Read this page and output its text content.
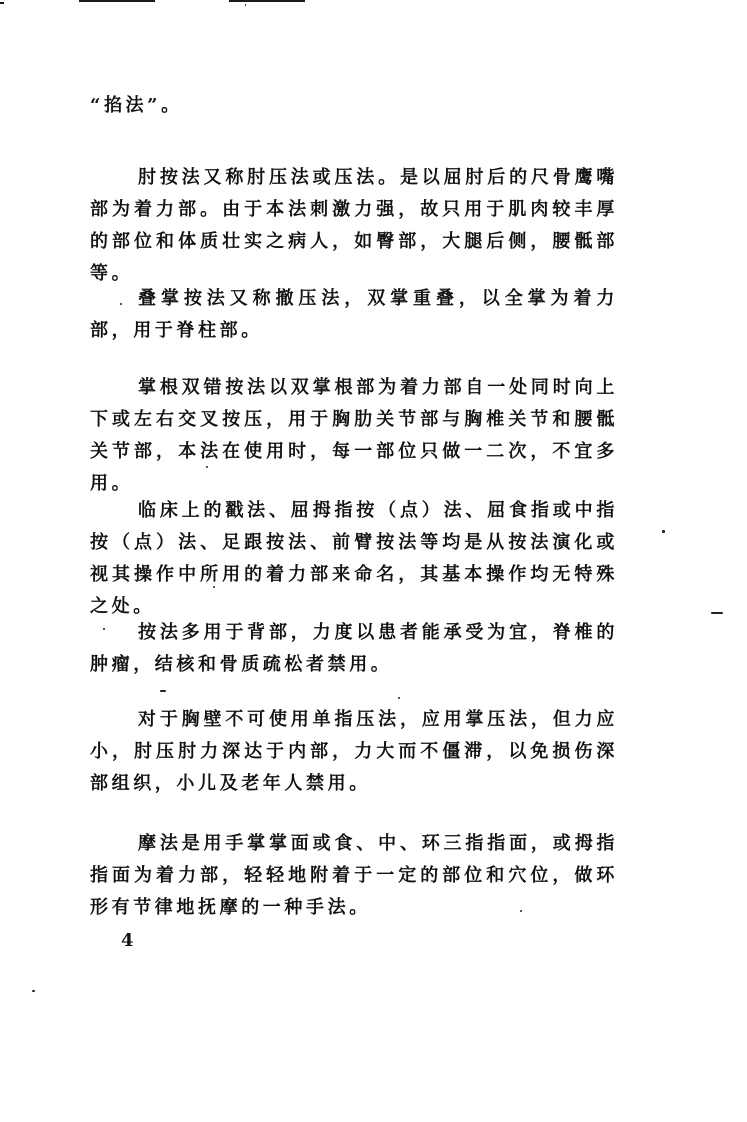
“掐法”。
肘按法又称肘压法或压法。是以屈肘后的尺骨鹰嘴部为着力部。由于本法刺激力强，故只用于肌肉较丰厚的部位和体质壮实之病人，如臀部，大腿后侧，腰骶部等。
叠掌按法又称撤压法，双掌重叠，以全掌为着力部，用于脊柱部。
掌根双错按法以双掌根部为着力部自一处同时向上下或左右交叉按压，用于胸肋关节部与胸椎关节和腰骶关节部，本法在使用时，每一部位只做一二次，不宜多用。
临床上的戳法、屈拇指按（点）法、屈食指或中指按（点）法、足跟按法、前臂按法等均是从按法演化或视其操作中所用的着力部来命名，其基本操作均无特殊之处。
按法多用于背部，力度以患者能承受为宜，脊椎的肿瘤，结核和骨质疏松者禁用。
对于胸壁不可使用单指压法，应用掌压法，但力应小，肘压肘力深达于内部，力大而不僵滞，以免损伤深部组织，小儿及老年人禁用。
摩法是用手掌掌面或食、中、环三指指面，或拇指指面为着力部，轻轻地附着于一定的部位和穴位，做环形有节律地抚摩的一种手法。
4
